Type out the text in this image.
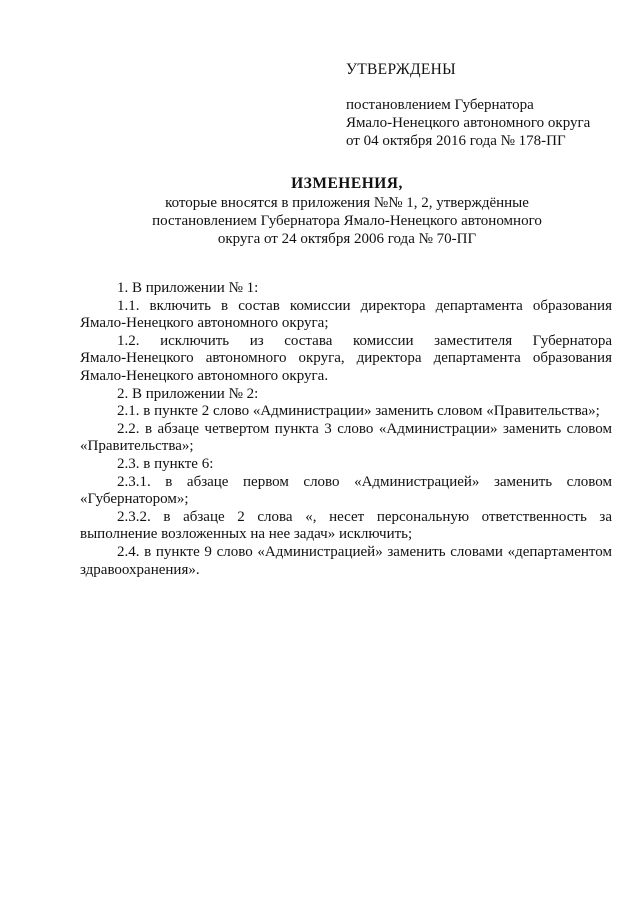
УТВЕРЖДЕНЫ
постановлением Губернатора
Ямало-Ненецкого автономного округа
от 04 октября 2016 года № 178-ПГ
ИЗМЕНЕНИЯ,
которые вносятся в приложения №№ 1, 2, утверждённые
постановлением Губернатора Ямало-Ненецкого автономного
округа от 24 октября 2006 года № 70-ПГ

1. В приложении № 1:

1.1. включить в состав комиссии директора департамента образования

Ямало-Ненецкого автономного округа;

1.2. исключить из состава комиссии заместителя Губернатора

Ямало-Ненецкого автономного округа, директора департамента образования

Ямало-Ненецкого автономного округа.

2. В приложении № 2:

2.1. в пункте 2 слово «Администрации» заменить словом «Правительства»;

2.2. в абзаце четвертом пункта 3 слово «Администрации» заменить словом

«Правительства»;

2.3. в пункте 6:

2.3.1. в абзаце первом слово «Администрацией» заменить словом

«Губернатором»;

2.3.2. в абзаце 2 слова «, несет персональную ответственность за

выполнение возложенных на нее задач» исключить;

2.4. в пункте 9 слово «Администрацией» заменить словами «департаментом

здравоохранения».
